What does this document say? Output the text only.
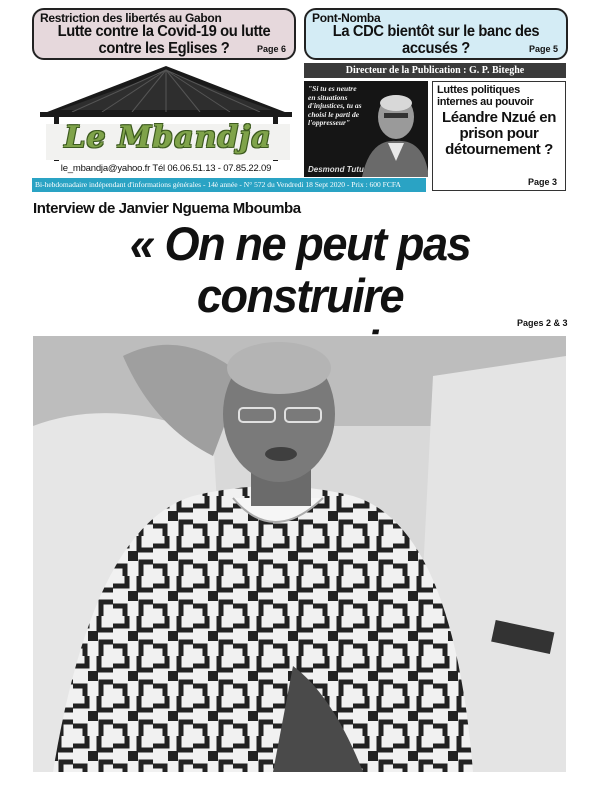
Restriction des libertés au Gabon
Lutte contre la Covid-19 ou lutte
contre les Eglises ?	Page 6
Pont-Nomba
La CDC bientôt sur le banc des
accusés ?	Page 5
Le Mbandja
le_mbandja@yahoo.fr Tél 06.06.51.13 - 07.85.22.09
Directeur de la Publication : G. P. Biteghe
"Si tu es neutre en situations d'injustices, tu as choisi le parti de l'oppresseur"
Desmond Tutu
Luttes politiques internes au pouvoir
Léandre Nzué en prison pour détournement ?
Page 3
Bi-hebdomadaire indépendant d'informations générales - 14è année - N° 572 du Vendredi 18 Sept 2020 - Prix : 600 FCFA
Interview de Janvier Nguema Mboumba
« On ne peut pas construire
Pages 2 & 3
